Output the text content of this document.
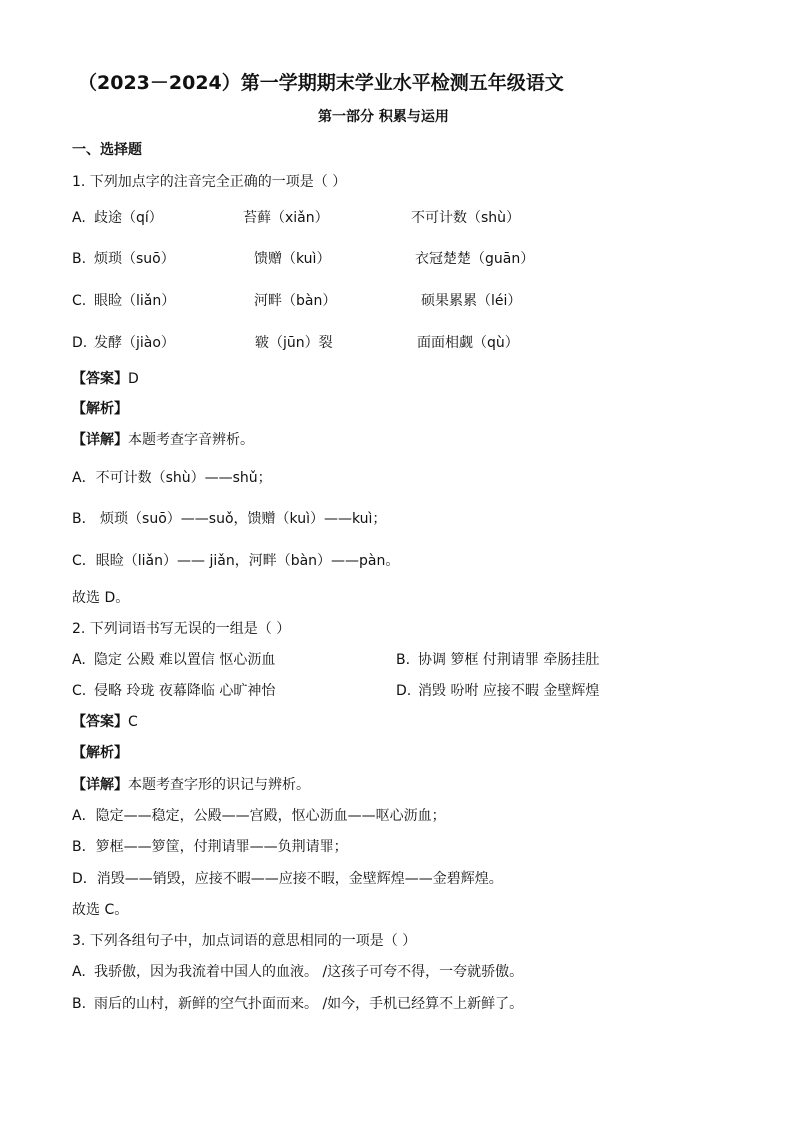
（2023－2024）第一学期期末学业水平检测五年级语文
第一部分 积累与运用
一、选择题
1. 下列加点字的注音完全正确的一项是（ ）
A. 歧途（qí）	苔藓（xiǎn）	不可计数（shù）
B. 烦琐（suō）	馈赠（kuì）	衣冠楚楚（guān）
C. 眼睑（liǎn）	河畔（bàn）	硕果累累（léi）
D. 发酵（jiào）	皲（jūn）裂	面面相觑（qù）
【答案】D
【解析】
【详解】本题考查字音辨析。
A．不可计数（shù）——shǔ；
B． 烦琐（suō）——suǒ，馈赠（kuì）——kuì；
C．眼睑（liǎn）—— jiǎn，河畔（bàn）——pàn。
故选 D。
2. 下列词语书写无误的一组是（ ）
A. 隐定 公殿 难以置信 怄心沥血	B. 协调 箩框 付荆请罪 牵肠挂肚
C. 侵略 玲珑 夜幕降临 心旷神怡	D. 消毁 吩咐 应接不暇 金壁辉煌
【答案】C
【解析】
【详解】本题考查字形的识记与辨析。
A．隐定——稳定，公殿——宫殿，怄心沥血——呕心沥血；
B．箩框——箩筐，付荆请罪——负荆请罪；
D．消毁——销毁，应接不暇——应接不暇，金壁辉煌——金碧辉煌。
故选 C。
3. 下列各组句子中，加点词语的意思相同的一项是（ ）
A. 我骄傲，因为我流着中国人的血液。 /这孩子可夸不得，一夸就骄傲。
B. 雨后的山村，新鲜的空气扑面而来。 /如今，手机已经算不上新鲜了。
